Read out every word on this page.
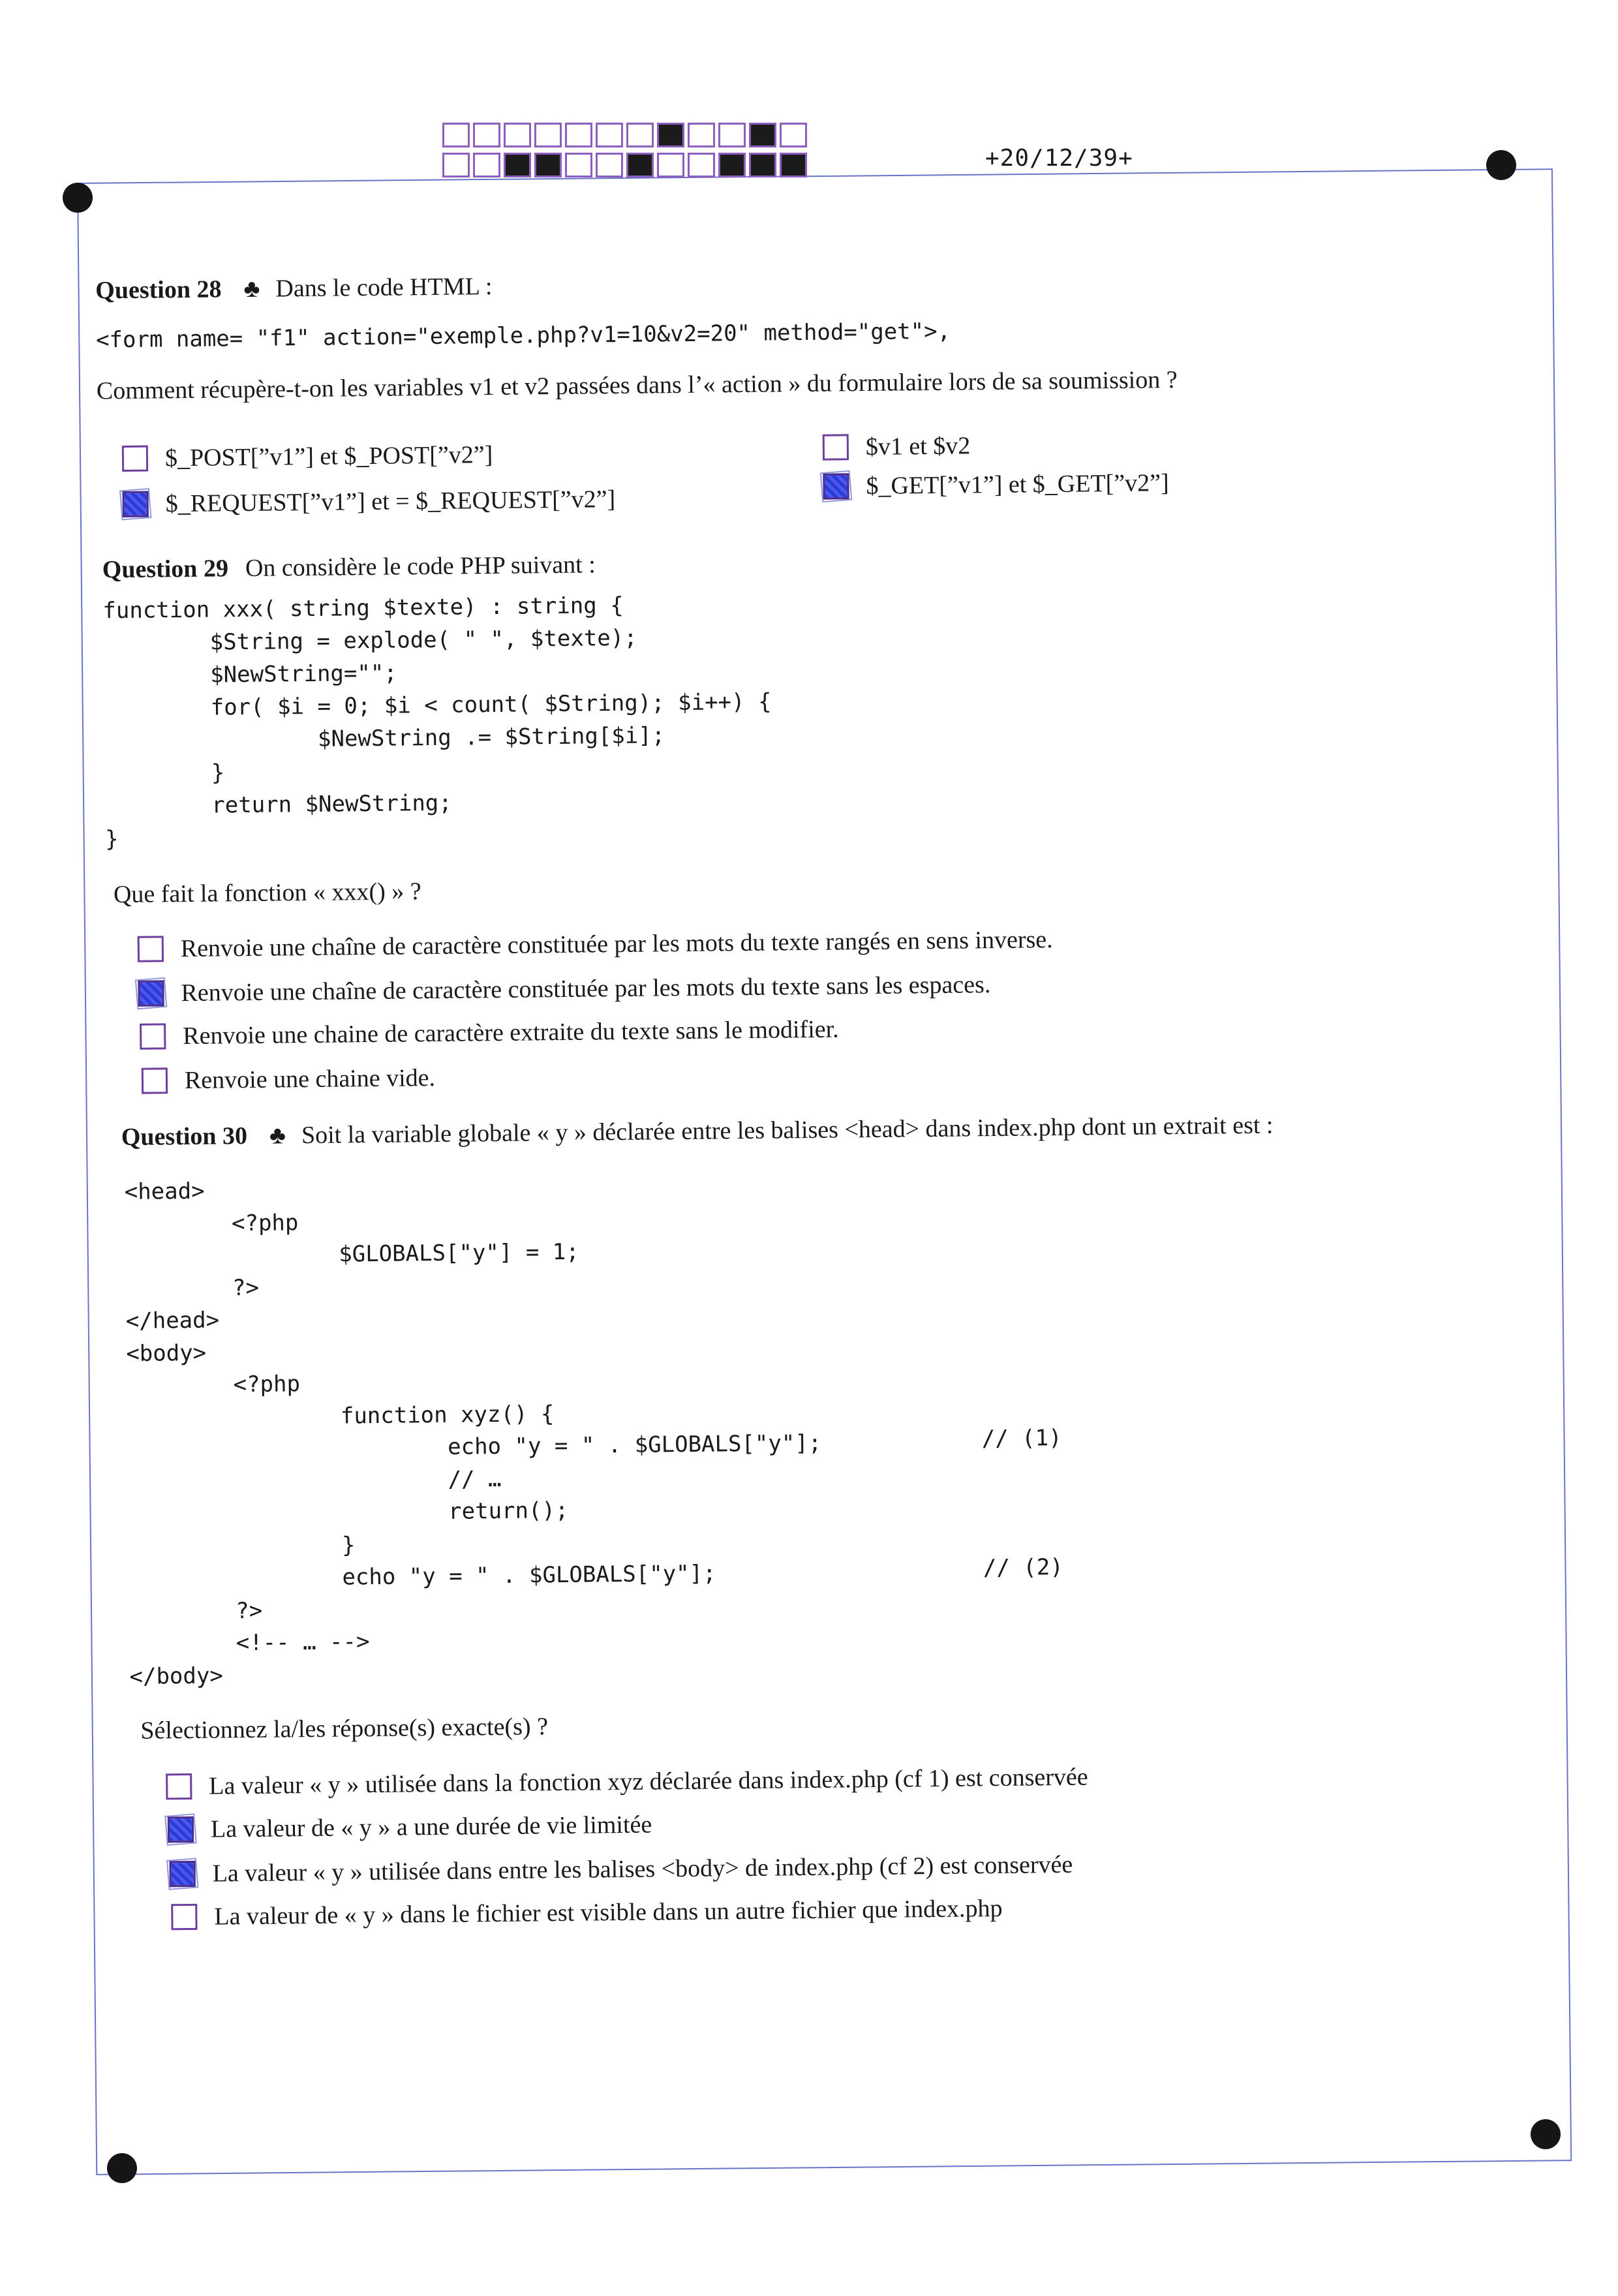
+20/12/39+
Question 28 ♣ Dans le code HTML :
<form name= "f1" action="exemple.php?v1=10&v2=20" method="get">,
Comment récupère-t-on les variables v1 et v2 passées dans l’« action » du formulaire lors de sa soumission ?
$_POST[”v1”] et $_POST[”v2”]
$_REQUEST[”v1”] et = $_REQUEST[”v2”]
$v1 et $v2
$_GET[”v1”] et $_GET[”v2”]
Question 29 On considère le code PHP suivant :
function xxx( string $texte) : string {
$String = explode( " ", $texte);
$NewString="";
for( $i = 0; $i < count( $String); $i++) {
$NewString .= $String[$i];
}
return $NewString;
}
Que fait la fonction « xxx() » ?
Renvoie une chaîne de caractère constituée par les mots du texte rangés en sens inverse.
Renvoie une chaîne de caractère constituée par les mots du texte sans les espaces.
Renvoie une chaine de caractère extraite du texte sans le modifier.
Renvoie une chaine vide.
Question 30 ♣ Soit la variable globale « y » déclarée entre les balises <head> dans index.php dont un extrait est :
<head>
<?php
$GLOBALS["y"] = 1;
?>
</head>
<body>
<?php
function xyz() {
echo "y = " . $GLOBALS["y"];
// …
return();
}
echo "y = " . $GLOBALS["y"];
?>
<!-- … -->
</body>
// (1)
// (2)
Sélectionnez la/les réponse(s) exacte(s) ?
La valeur « y » utilisée dans la fonction xyz déclarée dans index.php (cf 1) est conservée
La valeur de « y » a une durée de vie limitée
La valeur « y » utilisée dans entre les balises <body> de index.php (cf 2) est conservée
La valeur de « y » dans le fichier est visible dans un autre fichier que index.php
